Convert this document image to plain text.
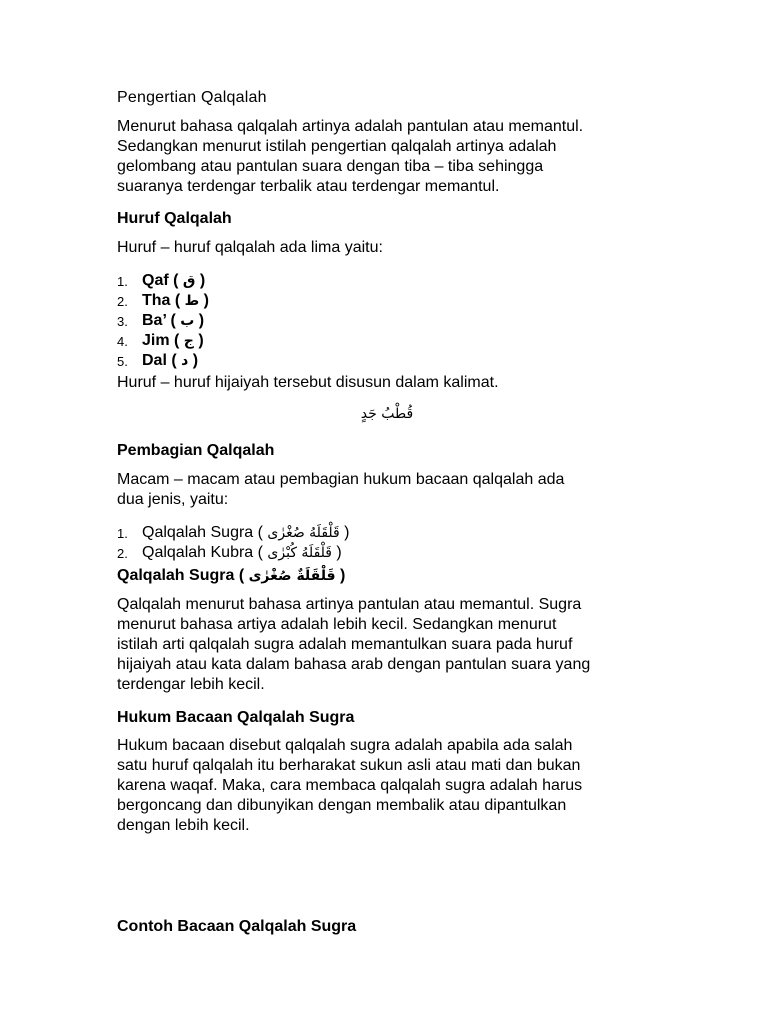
Pengertian Qalqalah
Menurut bahasa qalqalah artinya adalah pantulan atau memantul.
Sedangkan menurut istilah pengertian qalqalah artinya adalah
gelombang atau pantulan suara dengan tiba – tiba sehingga
suaranya terdengar terbalik atau terdengar memantul.
Huruf Qalqalah
Huruf – huruf qalqalah ada lima yaitu:
1. Qaf ( ق )
2. Tha ( ط )
3. Ba’ ( ب )
4. Jim ( ج )
5. Dal ( د )
Huruf – huruf hijaiyah tersebut disusun dalam kalimat.
قُطْبُ جَدٍ
Pembagian Qalqalah
Macam – macam atau pembagian hukum bacaan qalqalah ada
dua jenis, yaitu:
1. Qalqalah Sugra ( قَلْقَلَهُ صُغْرٰى )
2. Qalqalah Kubra ( قَلْقَلَهُ كُبْرٰى )
Qalqalah Sugra ( قَلْقَلَةٌ صُغْرٰى )
Qalqalah menurut bahasa artinya pantulan atau memantul. Sugra
menurut bahasa artiya adalah lebih kecil. Sedangkan menurut
istilah arti qalqalah sugra adalah memantulkan suara pada huruf
hijaiyah atau kata dalam bahasa arab dengan pantulan suara yang
terdengar lebih kecil.
Hukum Bacaan Qalqalah Sugra
Hukum bacaan disebut qalqalah sugra adalah apabila ada salah
satu huruf qalqalah itu berharakat sukun asli atau mati dan bukan
karena waqaf. Maka, cara membaca qalqalah sugra adalah harus
bergoncang dan dibunyikan dengan membalik atau dipantulkan
dengan lebih kecil.
Contoh Bacaan Qalqalah Sugra
